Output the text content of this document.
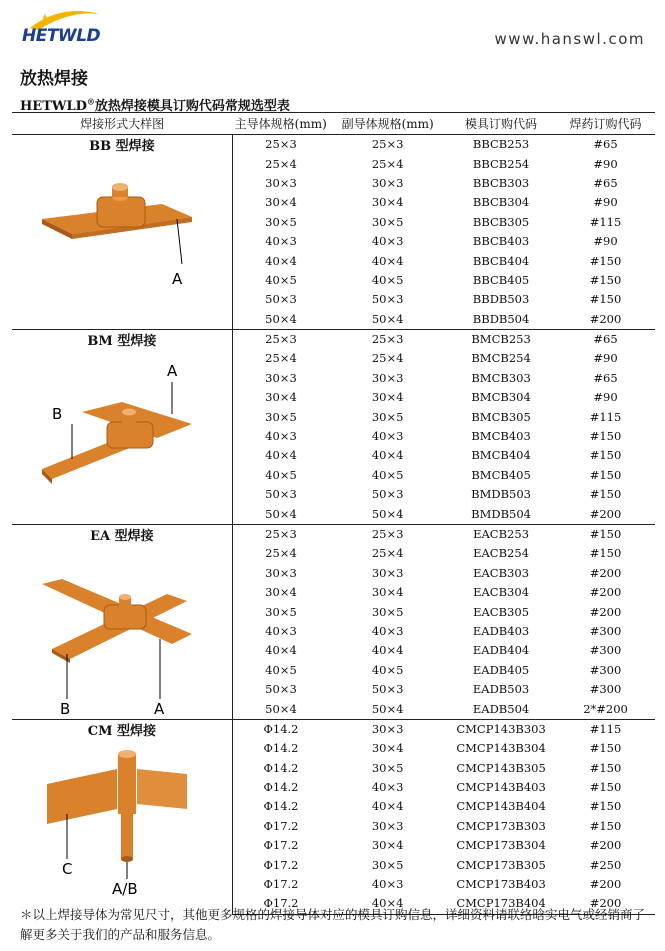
HETWLD	www.hanswl.com
放热焊接
HETWLD®放热焊接模具订购代码常规选型表
焊接形式大样图	主导体规格(mm)	副导体规格(mm)	模具订购代码	焊药订购代码

BB 型焊接
A	25×3	25×3	BBCB253	#65
	25×4	25×4	BBCB254	#90
	30×3	30×3	BBCB303	#65
	30×4	30×4	BBCB304	#90
	30×5	30×5	BBCB305	#115
	40×3	40×3	BBCB403	#90
	40×4	40×4	BBCB404	#150
	40×5	40×5	BBCB405	#150
	50×3	50×3	BBDB503	#150
	50×4	50×4	BBDB504	#200

BM 型焊接
A
B	25×3	25×3	BMCB253	#65
	25×4	25×4	BMCB254	#90
	30×3	30×3	BMCB303	#65
	30×4	30×4	BMCB304	#90
	30×5	30×5	BMCB305	#115
	40×3	40×3	BMCB403	#150
	40×4	40×4	BMCB404	#150
	40×5	40×5	BMCB405	#150
	50×3	50×3	BMDB503	#150
	50×4	50×4	BMDB504	#200

EA 型焊接
B A	25×3	25×3	EACB253	#150
	25×4	25×4	EACB254	#150
	30×3	30×3	EACB303	#200
	30×4	30×4	EACB304	#200
	30×5	30×5	EACB305	#200
	40×3	40×3	EADB403	#300
	40×4	40×4	EADB404	#300
	40×5	40×5	EADB405	#300
	50×3	50×3	EADB503	#300
	50×4	50×4	EADB504	2*#200

CM 型焊接
C
A/B	Φ14.2	30×3	CMCP143B303	#115
	Φ14.2	30×4	CMCP143B304	#150
	Φ14.2	30×5	CMCP143B305	#150
	Φ14.2	40×3	CMCP143B403	#150
	Φ14.2	40×4	CMCP143B404	#150
	Φ17.2	30×3	CMCP173B303	#150
	Φ17.2	30×4	CMCP173B304	#200
	Φ17.2	30×5	CMCP173B305	#250
	Φ17.2	40×3	CMCP173B403	#200
	Φ17.2	40×4	CMCP173B404	#200
＊以上焊接导体为常见尺寸，其他更多规格的焊接导体对应的模具订购信息，详细资料请联络晗实电气或经销商了解更多关于我们的产品和服务信息。
